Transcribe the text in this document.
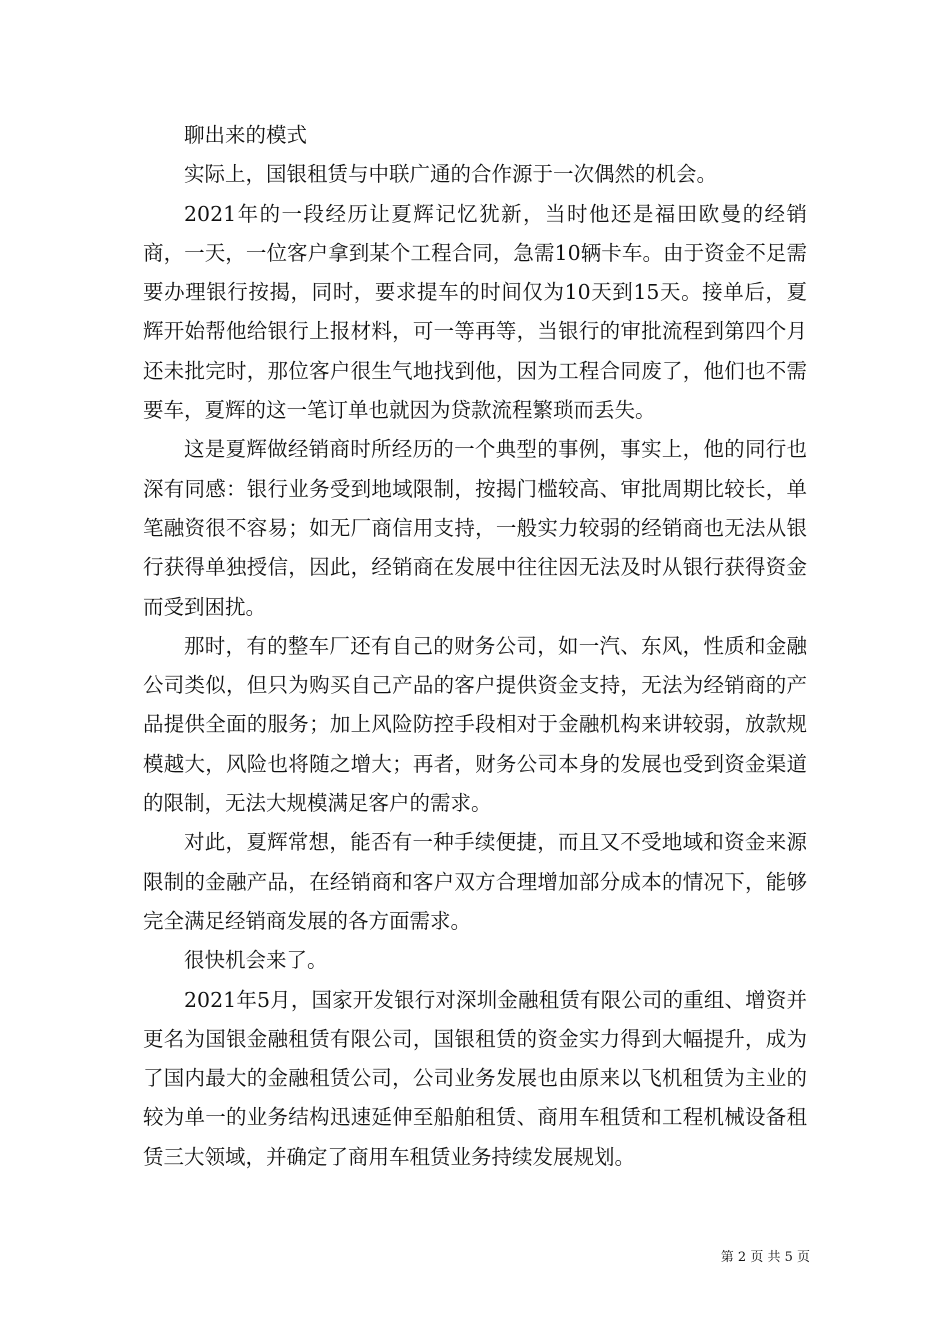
聊出来的模式

实际上，国银租赁与中联广通的合作源于一次偶然的机会。

2021年的一段经历让夏辉记忆犹新，当时他还是福田欧曼的经销商，一天，一位客户拿到某个工程合同，急需10辆卡车。由于资金不足需要办理银行按揭，同时，要求提车的时间仅为10天到15天。接单后，夏辉开始帮他给银行上报材料，可一等再等，当银行的审批流程到第四个月还未批完时，那位客户很生气地找到他，因为工程合同废了，他们也不需要车，夏辉的这一笔订单也就因为贷款流程繁琐而丢失。

这是夏辉做经销商时所经历的一个典型的事例，事实上，他的同行也深有同感：银行业务受到地域限制，按揭门槛较高、审批周期比较长，单笔融资很不容易；如无厂商信用支持，一般实力较弱的经销商也无法从银行获得单独授信，因此，经销商在发展中往往因无法及时从银行获得资金而受到困扰。

那时，有的整车厂还有自己的财务公司，如一汽、东风，性质和金融公司类似，但只为购买自己产品的客户提供资金支持，无法为经销商的产品提供全面的服务；加上风险防控手段相对于金融机构来讲较弱，放款规模越大，风险也将随之增大；再者，财务公司本身的发展也受到资金渠道的限制，无法大规模满足客户的需求。

对此，夏辉常想，能否有一种手续便捷，而且又不受地域和资金来源限制的金融产品，在经销商和客户双方合理增加部分成本的情况下，能够完全满足经销商发展的各方面需求。

很快机会来了。

2021年5月，国家开发银行对深圳金融租赁有限公司的重组、增资并更名为国银金融租赁有限公司，国银租赁的资金实力得到大幅提升，成为了国内最大的金融租赁公司，公司业务发展也由原来以飞机租赁为主业的较为单一的业务结构迅速延伸至船舶租赁、商用车租赁和工程机械设备租赁三大领域，并确定了商用车租赁业务持续发展规划。

第 2 页 共 5 页
